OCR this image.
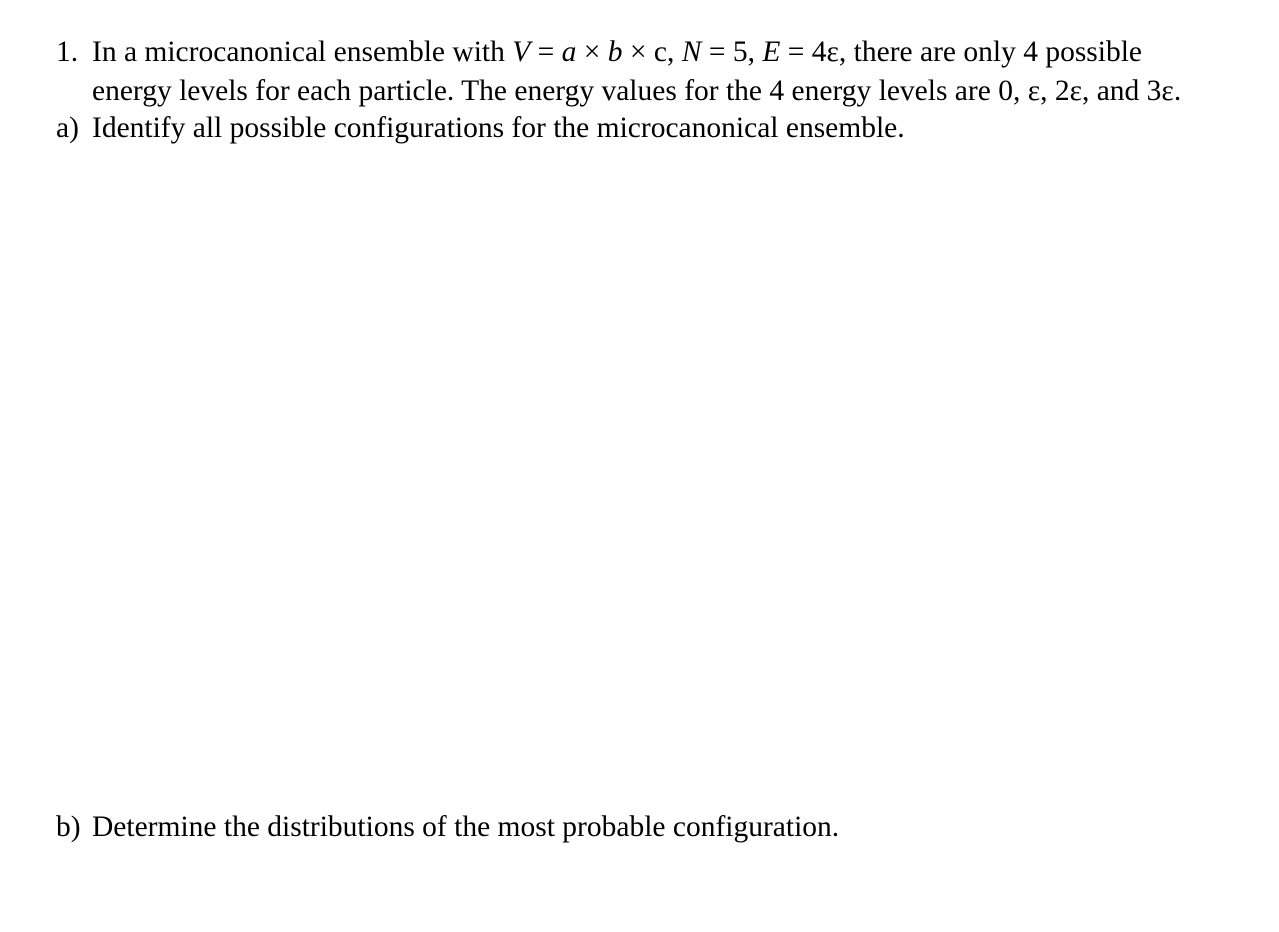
1. In a microcanonical ensemble with V = a × b × c, N = 5, E = 4ε, there are only 4 possible
energy levels for each particle. The energy values for the 4 energy levels are 0, ε, 2ε, and 3ε.
a) Identify all possible configurations for the microcanonical ensemble.
b) Determine the distributions of the most probable configuration.
